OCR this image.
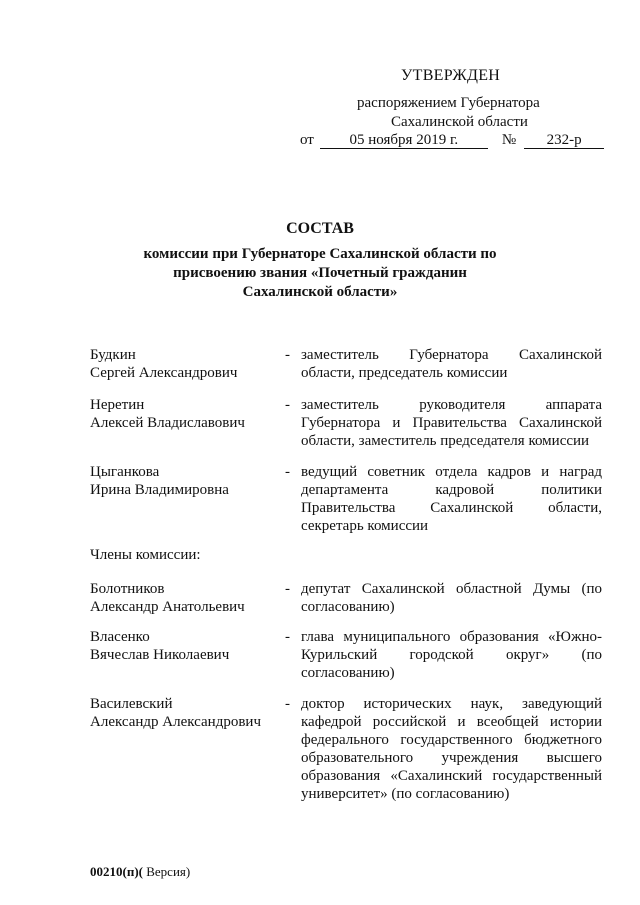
УТВЕРЖДЕН
распоряжением Губернатора
Сахалинской области
от 05 ноября 2019 г.	№ 232-р
СОСТАВ
комиссии при Губернаторе Сахалинской области по
присвоению звания «Почетный гражданин
Сахалинской области»
Будкин
Сергей Александрович
- заместитель Губернатора Сахалинской области, председатель комиссии
Неретин
Алексей Владиславович
- заместитель руководителя аппарата Губернатора и Правительства Сахалинской области, заместитель председателя комиссии
Цыганкова
Ирина Владимировна
- ведущий советник отдела кадров и наград департамента кадровой политики Правительства Сахалинской области, секретарь комиссии
Члены комиссии:
Болотников
Александр Анатольевич
- депутат Сахалинской областной Думы (по согласованию)
Власенко
Вячеслав Николаевич
- глава муниципального образования «Южно-Курильский городской округ» (по согласованию)
Василевский
Александр Александрович
- доктор исторических наук, заведующий кафедрой российской и всеобщей истории федерального государственного бюджетного образовательного учреждения высшего образования «Сахалинский государственный университет» (по согласованию)
00210(п)( Версия)
